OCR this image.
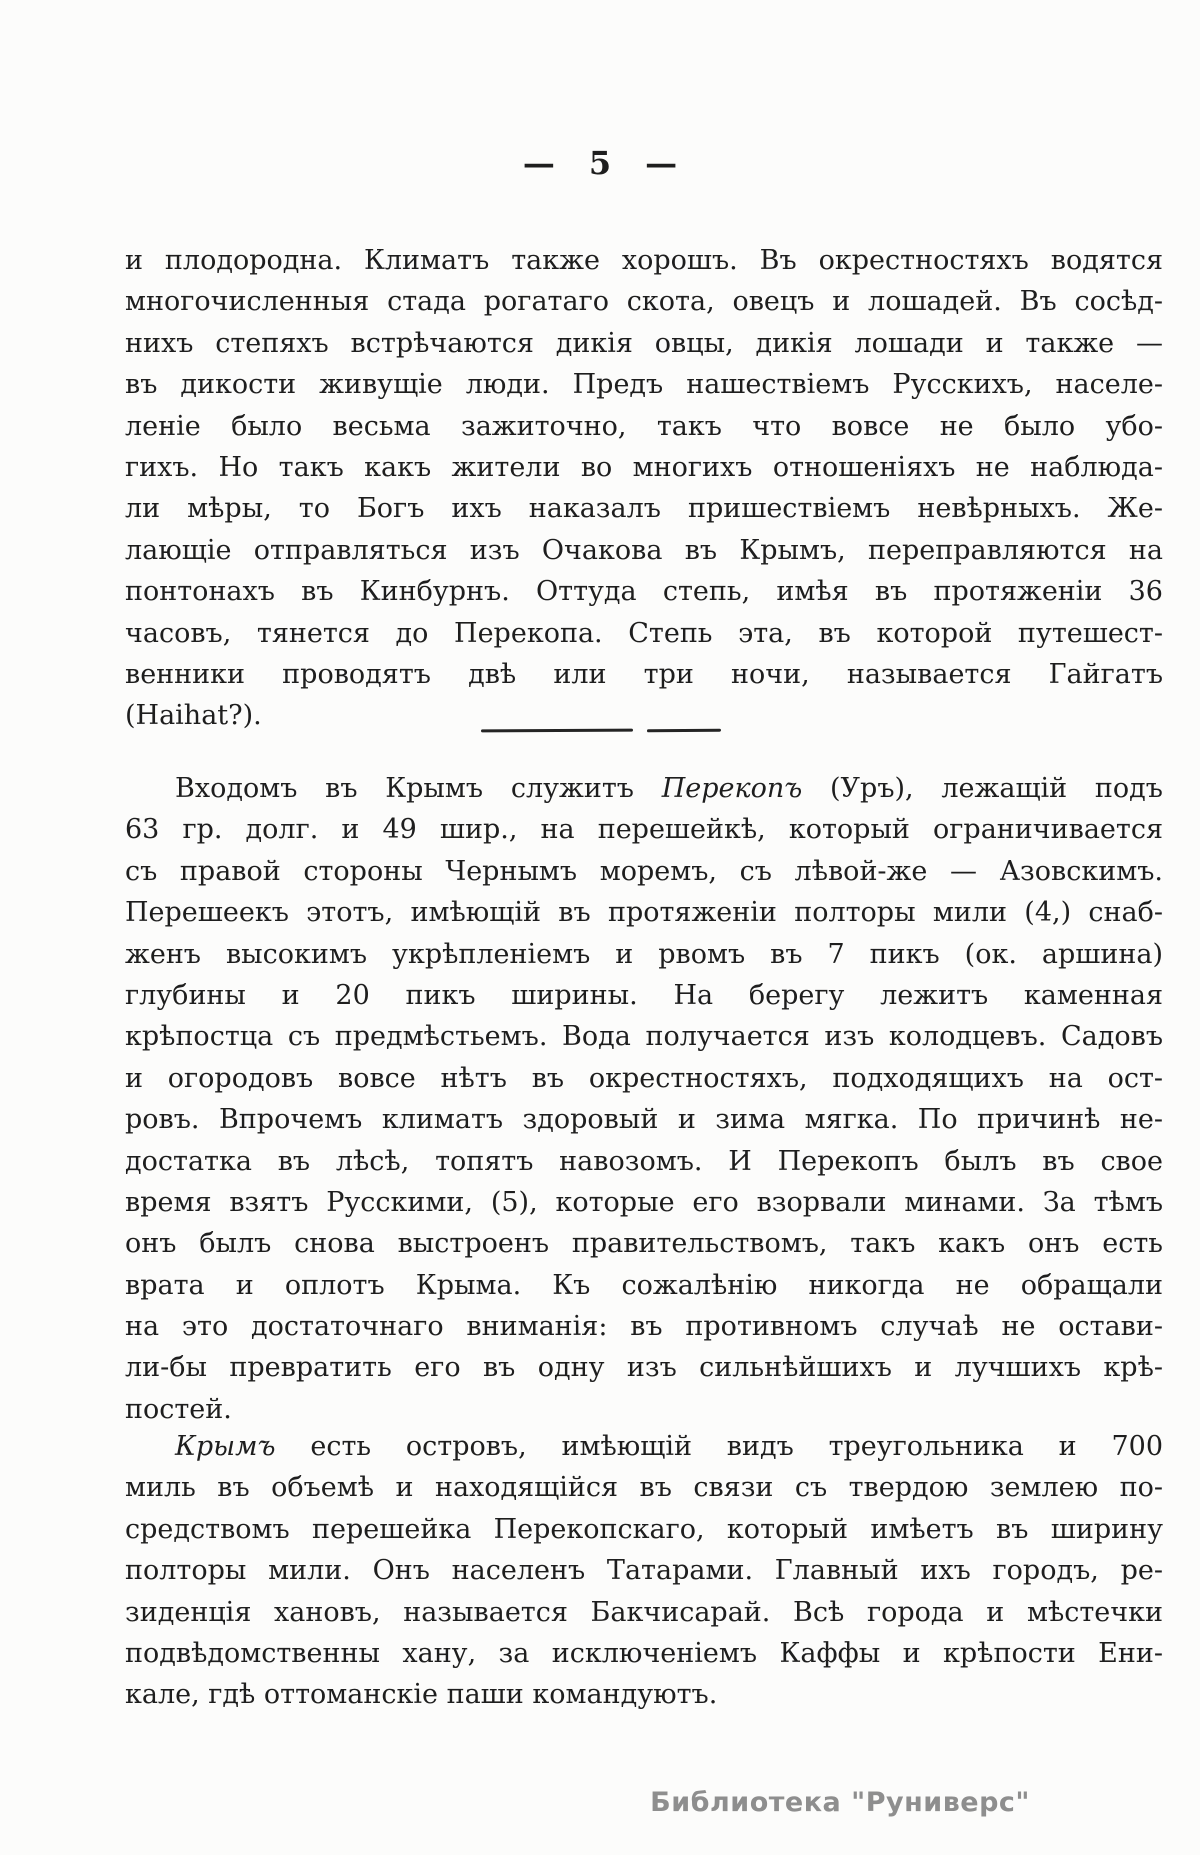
— 5 —
и плодородна. Климатъ также хорошъ. Въ окрестностяхъ водятся
многочисленныя стада рогатаго скота, овецъ и лошадей. Въ сосѣд-
нихъ степяхъ встрѣчаются дикія овцы, дикія лошади и также —
въ дикости живущіе люди. Предъ нашествіемъ Русскихъ, населе-
леніе было весьма зажиточно, такъ что вовсе не было убо-
гихъ. Но такъ какъ жители во многихъ отношеніяхъ не наблюда-
ли мѣры, то Богъ ихъ наказалъ пришествіемъ невѣрныхъ. Же-
лающіе отправляться изъ Очакова въ Крымъ, переправляются на
понтонахъ въ Кинбурнъ. Оттуда степь, имѣя въ протяженіи 36
часовъ, тянется до Перекопа. Степь эта, въ которой путешест-
венники проводятъ двѣ или три ночи, называется Гайгатъ
(Haihat?).
Входомъ въ Крымъ служитъ Перекопъ (Уръ), лежащій подъ
63 гр. долг. и 49 шир., на перешейкѣ, который ограничивается
съ правой стороны Чернымъ моремъ, съ лѣвой-же — Азовскимъ.
Перешеекъ этотъ, имѣющій въ протяженіи полторы мили (4,) снаб-
женъ высокимъ укрѣпленіемъ и рвомъ въ 7 пикъ (ок. аршина)
глубины и 20 пикъ ширины. На берегу лежитъ каменная
крѣпостца съ предмѣстьемъ. Вода получается изъ колодцевъ. Садовъ
и огородовъ вовсе нѣтъ въ окрестностяхъ, подходящихъ на ост-
ровъ. Впрочемъ климатъ здоровый и зима мягка. По причинѣ не-
достатка въ лѣсѣ, топятъ навозомъ. И Перекопъ былъ въ свое
время взятъ Русскими, (5), которые его взорвали минами. За тѣмъ
онъ былъ снова выстроенъ правительствомъ, такъ какъ онъ есть
врата и оплотъ Крыма. Къ сожалѣнію никогда не обращали
на это достаточнаго вниманія: въ противномъ случаѣ не остави-
ли-бы превратить его въ одну изъ сильнѣйшихъ и лучшихъ крѣ-
постей.
Крымъ есть островъ, имѣющій видъ треугольника и 700
миль въ объемѣ и находящійся въ связи съ твердою землею по-
средствомъ перешейка Перекопскаго, который имѣетъ въ ширину
полторы мили. Онъ населенъ Татарами. Главный ихъ городъ, ре-
зиденція хановъ, называется Бакчисарай. Всѣ города и мѣстечки
подвѣдомственны хану, за исключеніемъ Каффы и крѣпости Ени-
кале, гдѣ оттоманскіе паши командуютъ.
Библиотека "Руниверс"
